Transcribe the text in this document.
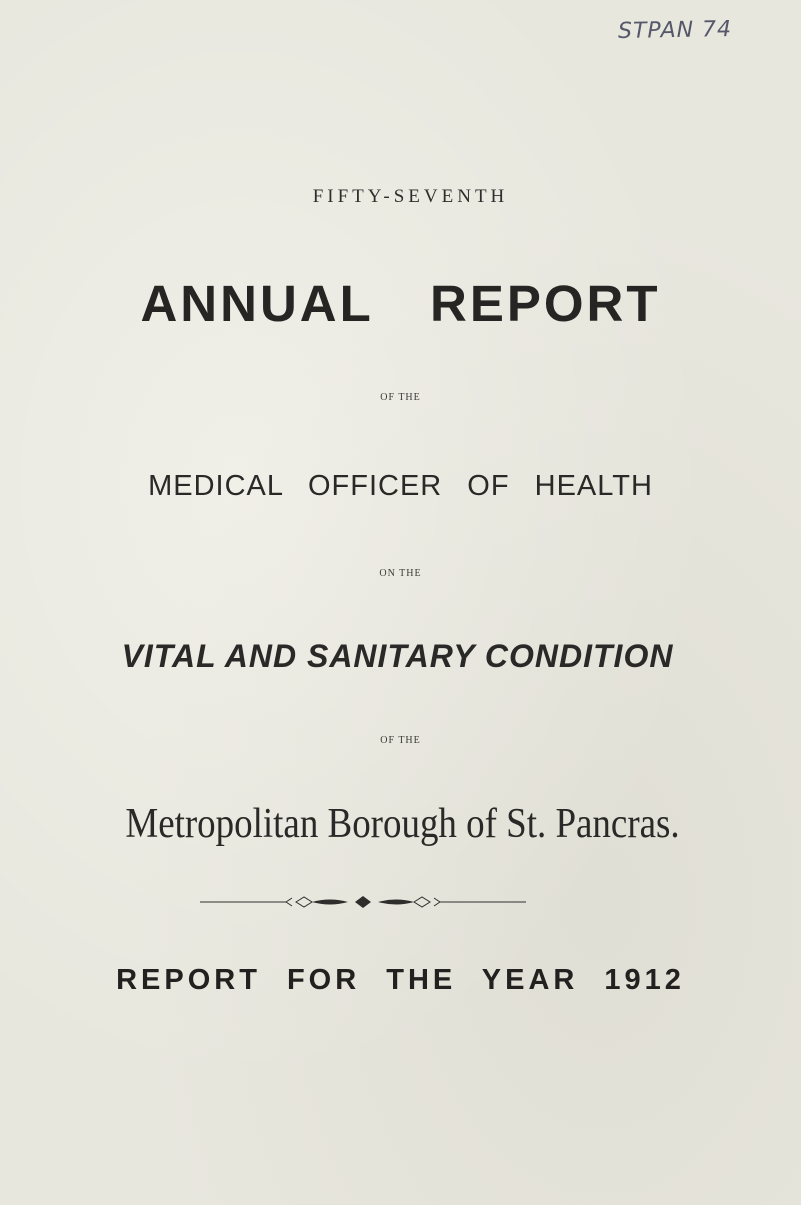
STPAN 74
FIFTY-SEVENTH
ANNUAL REPORT
OF THE
MEDICAL OFFICER OF HEALTH
ON THE
VITAL AND SANITARY CONDITION
OF THE
Metropolitan Borough of St. Pancras.
REPORT FOR THE YEAR 1912
